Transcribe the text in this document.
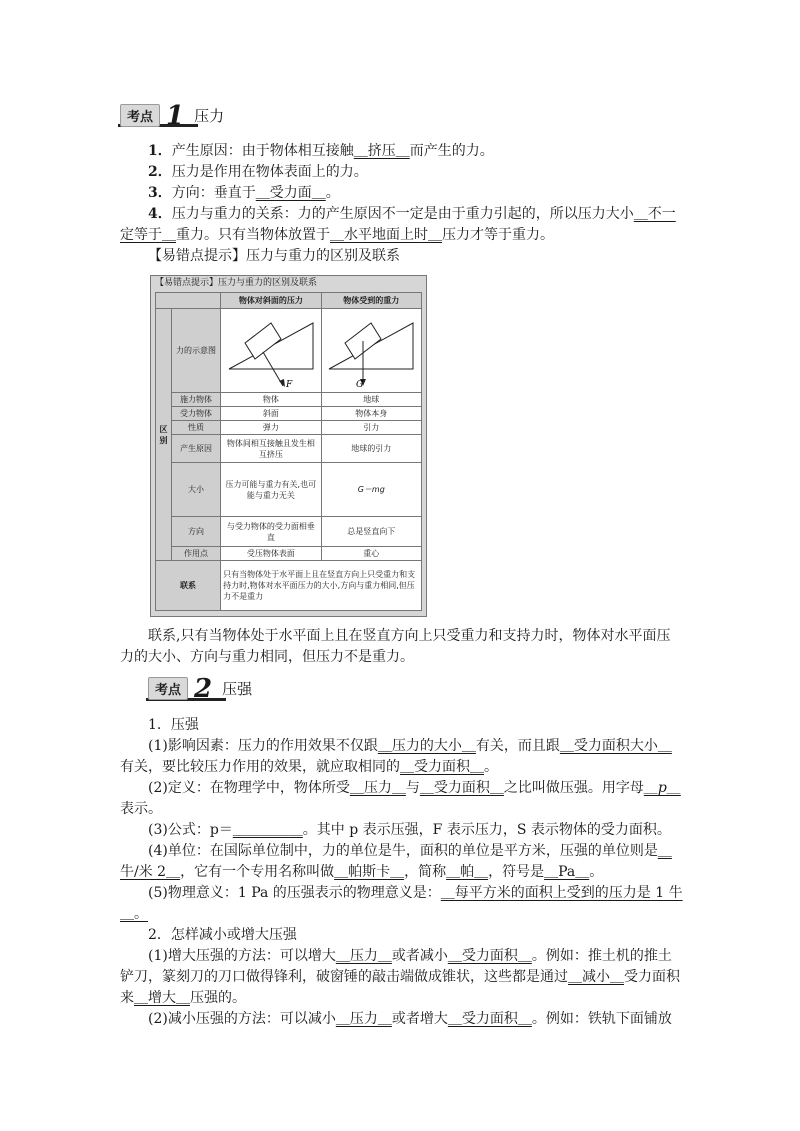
考点 1 压力
1．产生原因：由于物体相互接触＿挤压＿而产生的力。
2．压力是作用在物体表面上的力。
3．方向：垂直于＿受力面＿。
4．压力与重力的关系：力的产生原因不一定是由于重力引起的，所以压力大小＿不一
定等于＿重力。只有当物体放置于＿水平地面上时＿压力才等于重力。
【易错点提示】压力与重力的区别及联系
【易错点提示】压力与重力的区别及联系
		物体对斜面的压力	物体受到的重力
区 别	力的示意图	F	G

	施力物体	物体	地球
	受力物体	斜面	物体本身
	性质	弹力	引力
	产生原因	物体间相互接触且发生相互挤压	地球的引力
	大小	压力可能与重力有关,也可能与重力无关	G＝mg
	方向	与受力物体的受力面相垂直	总是竖直向下
	作用点	受压物体表面	重心
联系		只有当物体处于水平面上且在竖直方向上只受重力和支持力时,物体对水平面压力的大小,方向与重力相同,但压力不是重力	
联系,只有当物体处于水平面上且在竖直方向上只受重力和支持力时，物体对水平面压
力的大小、方向与重力相同，但压力不是重力。
考点 2 压强
1．压强
(1)影响因素：压力的作用效果不仅跟＿压力的大小＿有关，而且跟＿受力面积大小＿
有关，要比较压力作用的效果，就应取相同的＿受力面积＿。
(2)定义：在物理学中，物体所受＿压力＿与＿受力面积＿之比叫做压强。用字母＿p＿
表示。
(3)公式：p＝＿＿＿＿＿。其中 p 表示压强，F 表示压力，S 表示物体的受力面积。
(4)单位：在国际单位制中，力的单位是牛，面积的单位是平方米，压强的单位则是＿
牛/米 2＿，它有一个专用名称叫做＿帕斯卡＿，简称＿帕＿，符号是＿Pa＿。
(5)物理意义：1 Pa 的压强表示的物理意义是：＿每平方米的面积上受到的压力是 1 牛
＿。
2．怎样减小或增大压强
(1)增大压强的方法：可以增大＿压力＿或者减小＿受力面积＿。例如：推土机的推土
铲刀，篆刻刀的刀口做得锋利，破窗锤的敲击端做成锥状，这些都是通过＿减小＿受力面积
来＿增大＿压强的。
(2)减小压强的方法：可以减小＿压力＿或者增大＿受力面积＿。例如：铁轨下面铺放
